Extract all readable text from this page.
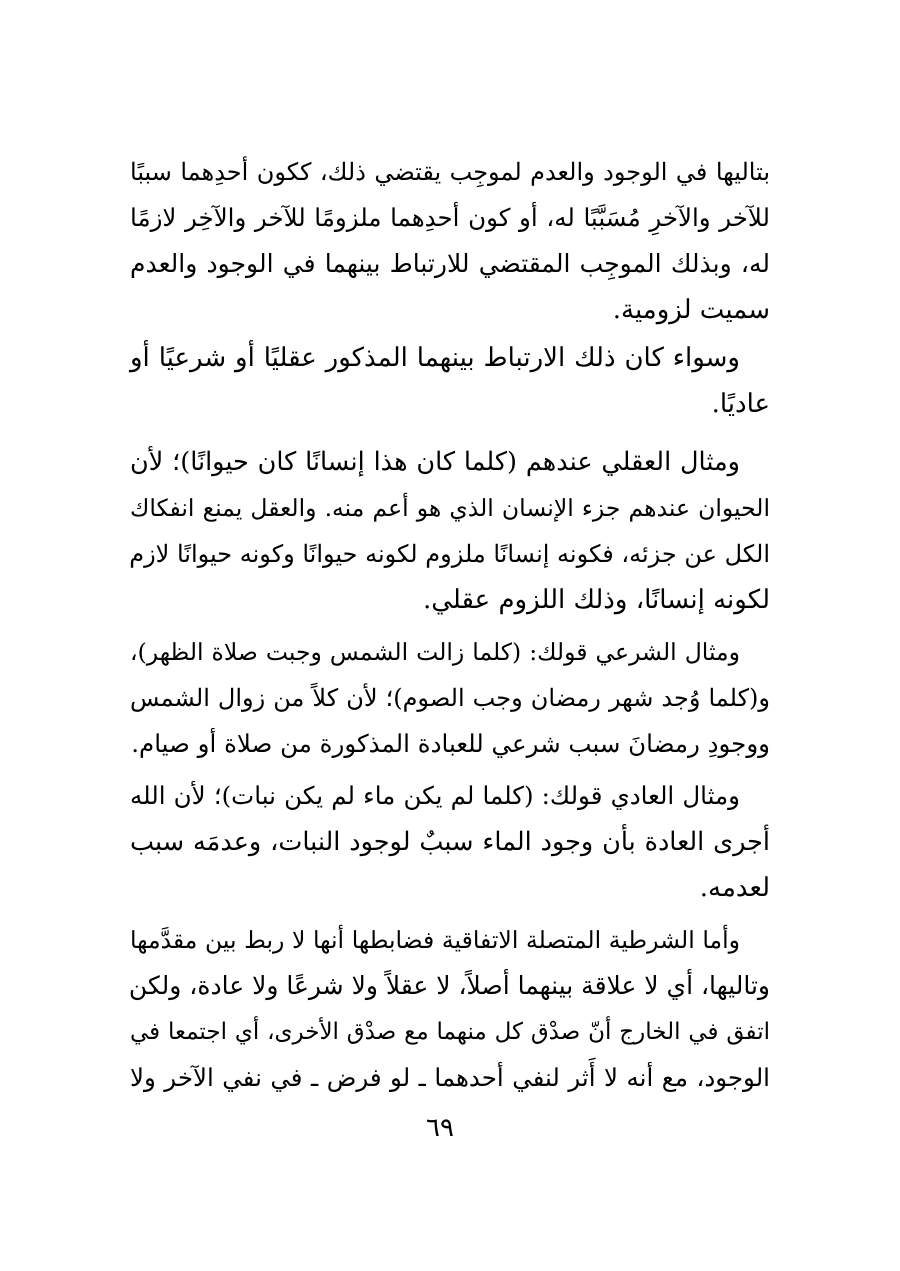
بتاليها في الوجود والعدم لموجِب يقتضي ذلك، ككون أحدِهما سببًا
للآخر والآخرِ مُسَبَّبًا له، أو كون أحدِهما ملزومًا للآخر والآخِر لازمًا
له، وبذلك الموجِب المقتضي للارتباط بينهما في الوجود والعدم
سميت لزومية.
وسواء كان ذلك الارتباط بينهما المذكور عقليًا أو شرعيًا أو
عاديًا.
ومثال العقلي عندهم (كلما كان هذا إنسانًا كان حيوانًا)؛ لأن
الحيوان عندهم جزء الإنسان الذي هو أعم منه. والعقل يمنع انفكاك
الكل عن جزئه، فكونه إنسانًا ملزوم لكونه حيوانًا وكونه حيوانًا لازم
لكونه إنسانًا، وذلك اللزوم عقلي.
ومثال الشرعي قولك: (كلما زالت الشمس وجبت صلاة الظهر)،
و(كلما وُجد شهر رمضان وجب الصوم)؛ لأن كلاً من زوال الشمس
ووجودِ رمضانَ سبب شرعي للعبادة المذكورة من صلاة أو صيام.
ومثال العادي قولك: (كلما لم يكن ماء لم يكن نبات)؛ لأن الله
أجرى العادة بأن وجود الماء سببٌ لوجود النبات، وعدمَه سبب
لعدمه.
وأما الشرطية المتصلة الاتفاقية فضابطها أنها لا ربط بين مقدَّمها
وتاليها، أي لا علاقة بينهما أصلاً، لا عقلاً ولا شرعًا ولا عادة، ولكن
اتفق في الخارج أنّ صدْق كل منهما مع صدْق الأخرى، أي اجتمعا في
الوجود، مع أنه لا أَثر لنفي أحدهما ـ لو فرض ـ في نفي الآخر ولا
٦٩
